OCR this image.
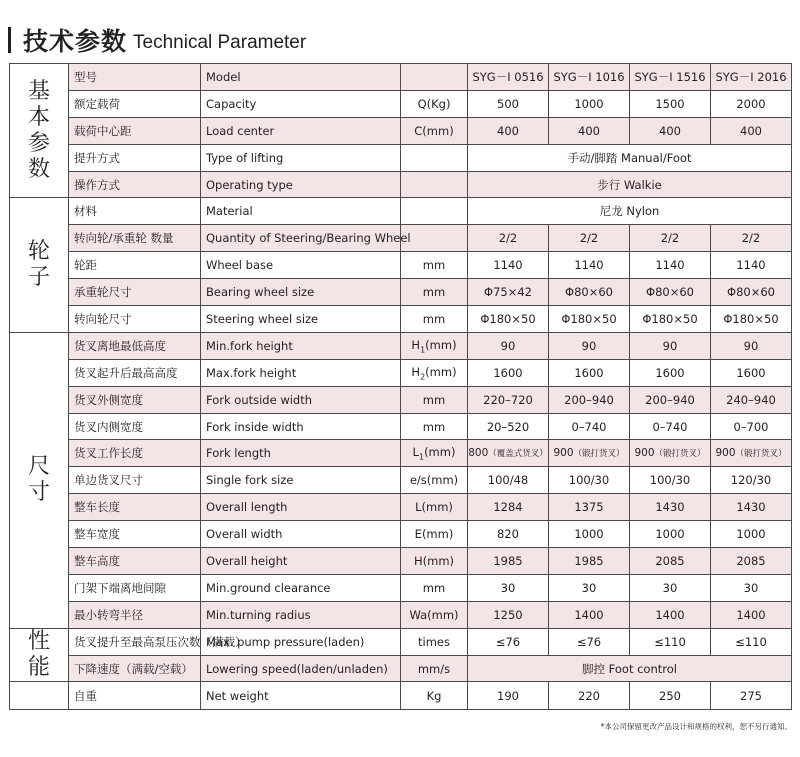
技术参数 Technical Parameter
基
本
参
数	型号	Model		SYG－Ⅰ 0516	SYG－Ⅰ 1016	SYG－Ⅰ 1516	SYG－Ⅰ 2016
	额定载荷	Capacity	Q(Kg)	500	1000	1500	2000
	载荷中心距	Load center	C(mm)	400	400	400	400
	提升方式	Type of lifting		手动/脚踏 Manual/Foot			
	操作方式	Operating type		步行 Walkie			

轮
子	材料	Material		尼龙 Nylon			
	转向轮/承重轮 数量	Quantity of Steering/Bearing Wheel		2/2	2/2	2/2	2/2
	轮距	Wheel base	mm	1140	1140	1140	1140
	承重轮尺寸	Bearing wheel size	mm	Φ75×42	Φ80×60	Φ80×60	Φ80×60
	转向轮尺寸	Steering wheel size	mm	Φ180×50	Φ180×50	Φ180×50	Φ180×50

尺
寸	货叉离地最低高度	Min.fork height	$H_1(mm)$	90	90	90	90
	货叉起升后最高高度	Max.fork height	$H_2(mm)$	1600	1600	1600	1600
	货叉外侧宽度	Fork outside width	mm	220–720	200–940	200–940	240–940
	货叉内侧宽度	Fork inside width	mm	20–520	0–740	0–740	0–700
	货叉工作长度	Fork length	$L_1(mm)$	800（覆盖式货叉）	900（锻打货叉）	900（锻打货叉）	900（锻打货叉）
	单边货叉尺寸	Single fork size	e/s(mm)	100/48	100/30	100/30	120/30
	整车长度	Overall length	L(mm)	1284	1375	1430	1430
	整车宽度	Overall width	E(mm)	820	1000	1000	1000
	整车高度	Overall height	H(mm)	1985	1985	2085	2085
	门架下端离地间隙	Min.ground clearance	mm	30	30	30	30
	最小转弯半径	Min.turning radius	Wa(mm)	1250	1400	1400	1400

性
能	货叉提升至最高泵压次数（满载）	Max. pump pressure(laden)	times	≤76	≤76	≤110	≤110
	下降速度（满载/空载）	Lowering speed(laden/unladen)	mm/s	脚控 Foot control			
	自重	Net weight	Kg	190	220	250	275
*本公司保留更改产品设计和规格的权利，恕不另行通知。
